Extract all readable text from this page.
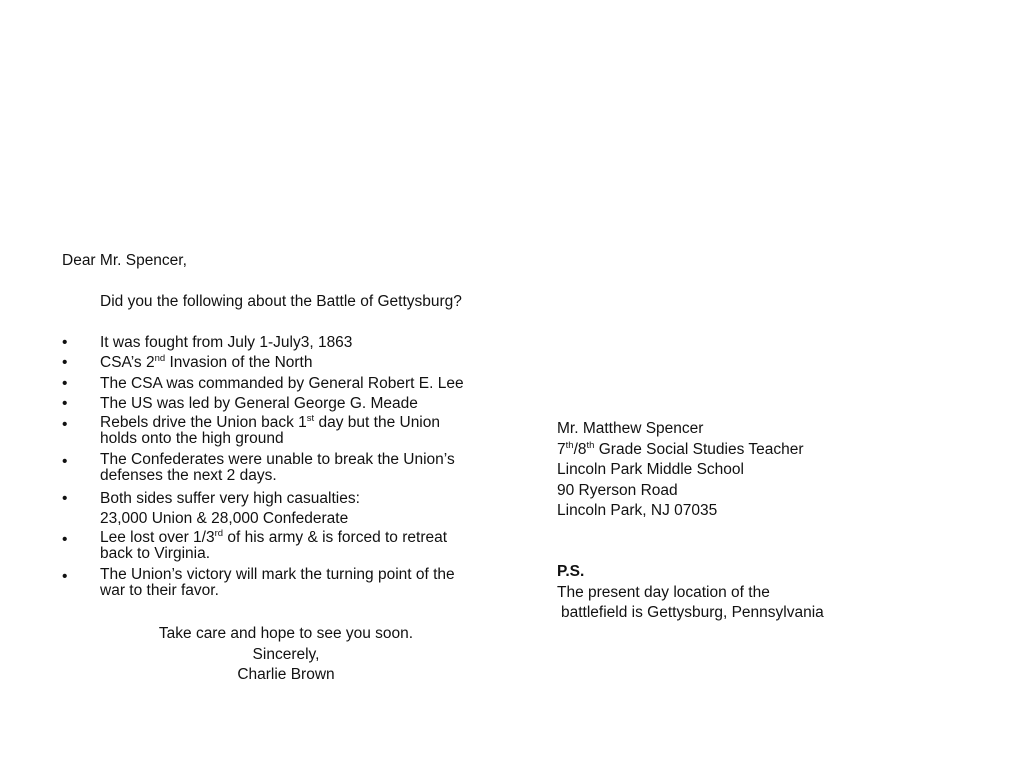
Dear Mr. Spencer,
Did you the following about the Battle of Gettysburg?
• It was fought from July 1-July3, 1863
• CSA’s 2nd Invasion of the North
• The CSA was commanded by General Robert E. Lee
• The US was led by General George G. Meade
• Rebels drive the Union back 1st day but the Union
holds onto the high ground
• The Confederates were unable to break the Union’s
defenses the next 2 days.
• Both sides suffer very high casualties:
23,000 Union & 28,000 Confederate
• Lee lost over 1/3rd of his army & is forced to retreat
back to Virginia.
• The Union’s victory will mark the turning point of the
war to their favor.
Take care and hope to see you soon.
Sincerely,
Charlie Brown
Mr. Matthew Spencer
7th/8th Grade Social Studies Teacher
Lincoln Park Middle School
90 Ryerson Road
Lincoln Park, NJ 07035
P.S.
The present day location of the
battlefield is Gettysburg, Pennsylvania
